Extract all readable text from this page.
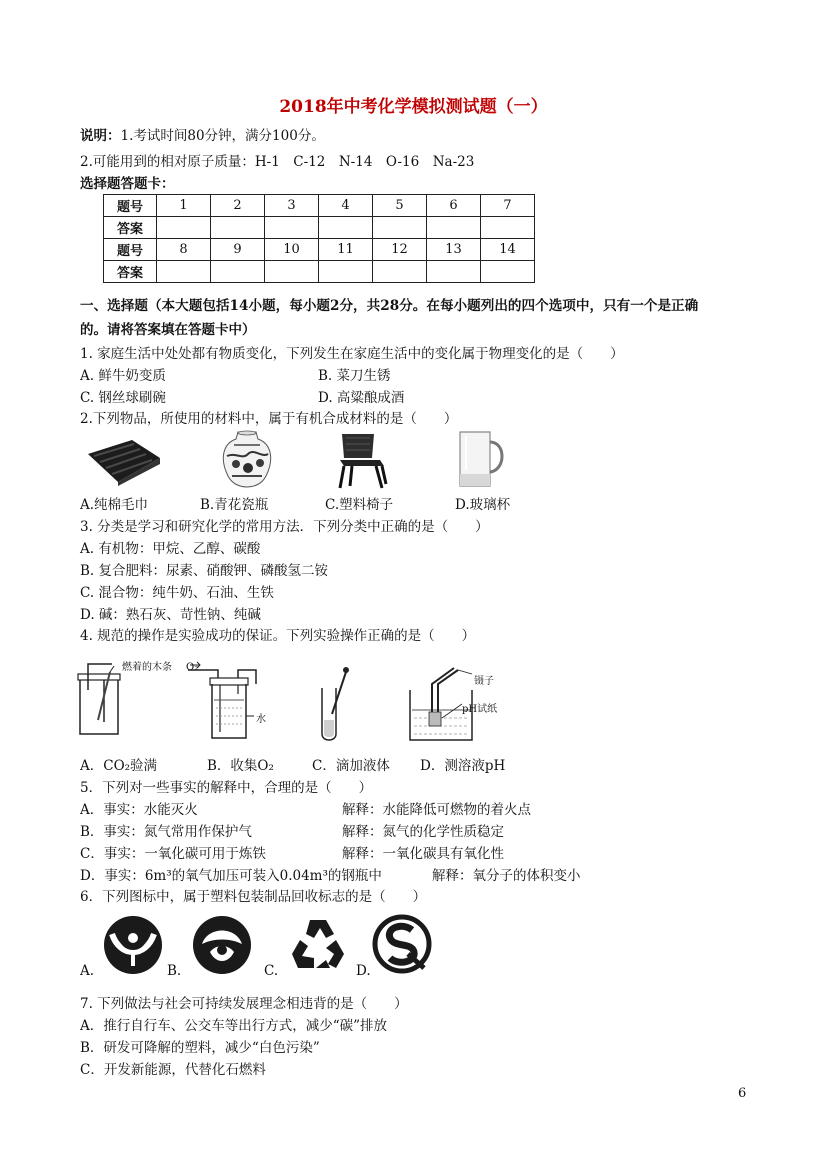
2018年中考化学模拟测试题（一）
说明：1.考试时间80分钟，满分100分。
2.可能用到的相对原子质量：H-1　C-12　N-14　O-16　Na-23
选择题答题卡：
题号	1	2	3	4	5	6	7
答案							
题号	8	9	10	11	12	13	14
答案							
一、选择题（本大题包括14小题，每小题2分，共28分。在每小题列出的四个选项中，只有一个是正确
的。请将答案填在答题卡中）
1. 家庭生活中处处都有物质变化，下列发生在家庭生活中的变化属于物理变化的是（　　）
A. 鲜牛奶变质	B. 菜刀生锈
C. 钢丝球刷碗	D. 高粱酿成酒
2.下列物品，所使用的材料中，属于有机合成材料的是（　　）
A.纯棉毛巾	B.青花瓷瓶	C.塑料椅子	D.玻璃杯
3. 分类是学习和研究化学的常用方法．下列分类中正确的是（　　）
A. 有机物：甲烷、乙醇、碳酸
B. 复合肥料：尿素、硝酸钾、磷酸氢二铵
C. 混合物：纯牛奶、石油、生铁
D. 碱：熟石灰、苛性钠、纯碱
4. 规范的操作是实验成功的保证。下列实验操作正确的是（　　）
燃着的木条 O₂
水
镊子
pH试纸
A．CO₂验满	B．收集O₂	C．滴加液体 D．测溶液pH
5．下列对一些事实的解释中，合理的是（　　）
A．事实：水能灭火	解释：水能降低可燃物的着火点
B．事实：氮气常用作保护气	解释：氮气的化学性质稳定
C．事实：一氧化碳可用于炼铁	解释：一氧化碳具有氧化性
D．事实：6m³的氧气加压可装入0.04m³的钢瓶中	解释：氧分子的体积变小
6．下列图标中，属于塑料包装制品回收标志的是（　　）
A.	B.	C.	D.
7. 下列做法与社会可持续发展理念相违背的是（　　）
A．推行自行车、公交车等出行方式，减少“碳”排放
B．研发可降解的塑料，减少“白色污染”
C．开发新能源，代替化石燃料
6
